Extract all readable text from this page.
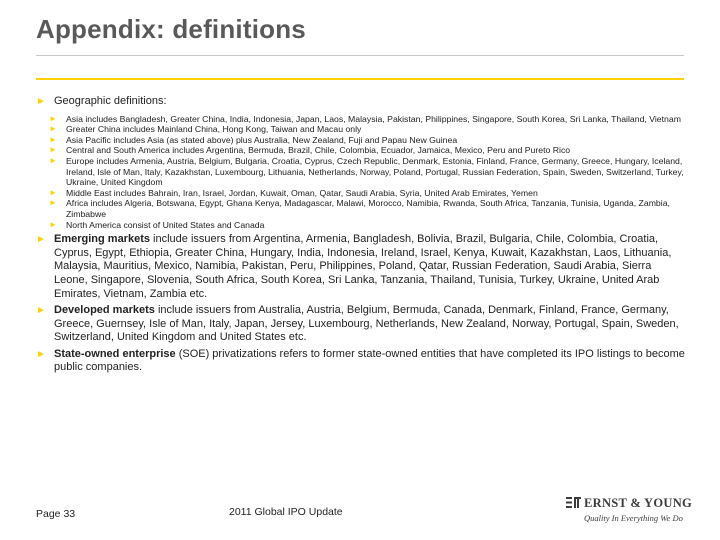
Appendix: definitions
► Geographic definitions:
► Asia includes Bangladesh, Greater China, India, Indonesia, Japan, Laos, Malaysia, Pakistan, Philippines, Singapore, South Korea, Sri Lanka, Thailand, Vietnam
► Greater China includes Mainland China, Hong Kong, Taiwan and Macau only
► Asia Pacific includes Asia (as stated above) plus Australia, New Zealand, Fuji and Papau New Guinea
► Central and South America includes Argentina, Bermuda, Brazil, Chile, Colombia, Ecuador, Jamaica, Mexico, Peru and Pureto Rico
► Europe includes Armenia, Austria, Belgium, Bulgaria, Croatia, Cyprus, Czech Republic, Denmark, Estonia, Finland, France, Germany, Greece, Hungary, Iceland, Ireland, Isle of Man, Italy, Kazakhstan, Luxembourg, Lithuania, Netherlands, Norway, Poland, Portugal, Russian Federation, Spain, Sweden, Switzerland, Turkey, Ukraine, United Kingdom
► Middle East includes Bahrain, Iran, Israel, Jordan, Kuwait, Oman, Qatar, Saudi Arabia, Syria, United Arab Emirates, Yemen
► Africa includes Algeria, Botswana, Egypt, Ghana Kenya, Madagascar, Malawi, Morocco, Namibia, Rwanda, South Africa, Tanzania, Tunisia, Uganda, Zambia, Zimbabwe
► North America consist of United States and Canada
► Emerging markets include issuers from Argentina, Armenia, Bangladesh, Bolivia, Brazil, Bulgaria, Chile, Colombia, Croatia, Cyprus, Egypt, Ethiopia, Greater China, Hungary, India, Indonesia, Ireland, Israel, Kenya, Kuwait, Kazakhstan, Laos, Lithuania, Malaysia, Mauritius, Mexico, Namibia, Pakistan, Peru, Philippines, Poland, Qatar, Russian Federation, Saudi Arabia, Sierra Leone, Singapore, Slovenia, South Africa, South Korea, Sri Lanka, Tanzania, Thailand, Tunisia, Turkey, Ukraine, United Arab Emirates, Vietnam, Zambia etc.
► Developed markets include issuers from Australia, Austria, Belgium, Bermuda, Canada, Denmark, Finland, France, Germany, Greece, Guernsey, Isle of Man, Italy, Japan, Jersey, Luxembourg, Netherlands, New Zealand, Norway, Portugal, Spain, Sweden, Switzerland, United Kingdom and United States etc.
► State-owned enterprise (SOE) privatizations refers to former state-owned entities that have completed its IPO listings to become public companies.
Page 33	2011 Global IPO Update
ERNST & YOUNG
Quality In Everything We Do
